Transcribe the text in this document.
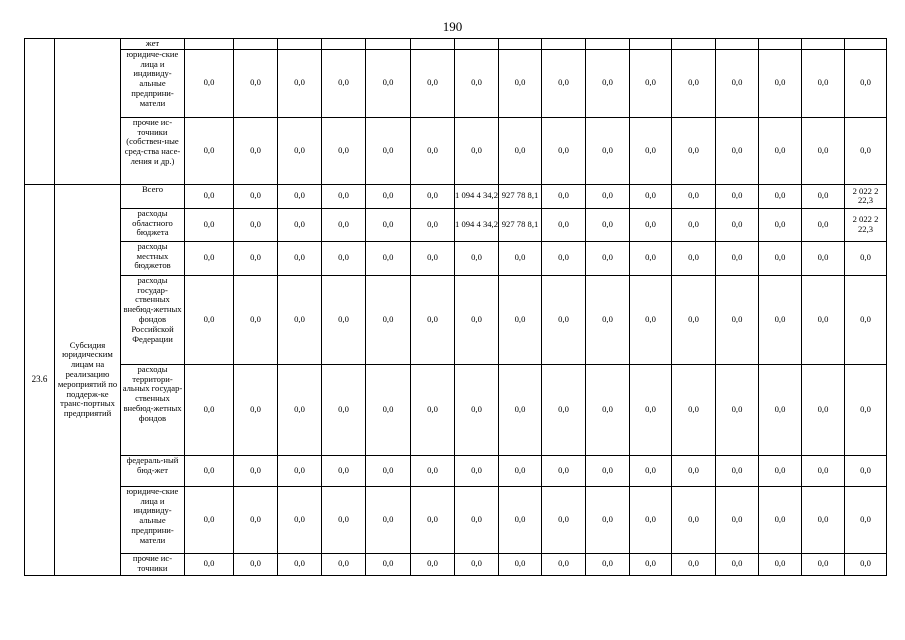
190
		жет																
		юридиче-ские лица и индивиду-альные предприни-матели	0,0	0,0	0,0	0,0	0,0	0,0	0,0	0,0	0,0	0,0	0,0	0,0	0,0	0,0	0,0	0,0
		прочие ис-точники (собствен-ные сред-ства насе-ления и др.)	0,0	0,0	0,0	0,0	0,0	0,0	0,0	0,0	0,0	0,0	0,0	0,0	0,0	0,0	0,0	0,0
23.6	Субсидия юридическим лицам на реализацию мероприятий по поддерж-ке транс-портных предприятий	Всего	0,0	0,0	0,0	0,0	0,0	0,0	1 094 4 34,2	927 78 8,1	0,0	0,0	0,0	0,0	0,0	0,0	0,0	2 022 2 22,3
		расходы областного бюджета	0,0	0,0	0,0	0,0	0,0	0,0	1 094 4 34,2	927 78 8,1	0,0	0,0	0,0	0,0	0,0	0,0	0,0	2 022 2 22,3
		расходы местных бюджетов	0,0	0,0	0,0	0,0	0,0	0,0	0,0	0,0	0,0	0,0	0,0	0,0	0,0	0,0	0,0	0,0
		расходы государ-ственных внебюд-жетных фондов Российской Федерации	0,0	0,0	0,0	0,0	0,0	0,0	0,0	0,0	0,0	0,0	0,0	0,0	0,0	0,0	0,0	0,0
		расходы территори-альных государ-ственных внебюд-жетных фондов	0,0	0,0	0,0	0,0	0,0	0,0	0,0	0,0	0,0	0,0	0,0	0,0	0,0	0,0	0,0	0,0
		федераль-ный бюд-жет	0,0	0,0	0,0	0,0	0,0	0,0	0,0	0,0	0,0	0,0	0,0	0,0	0,0	0,0	0,0	0,0
		юридиче-ские лица и индивиду-альные предприни-матели	0,0	0,0	0,0	0,0	0,0	0,0	0,0	0,0	0,0	0,0	0,0	0,0	0,0	0,0	0,0	0,0
		прочие ис-точники	0,0	0,0	0,0	0,0	0,0	0,0	0,0	0,0	0,0	0,0	0,0	0,0	0,0	0,0	0,0	0,0
